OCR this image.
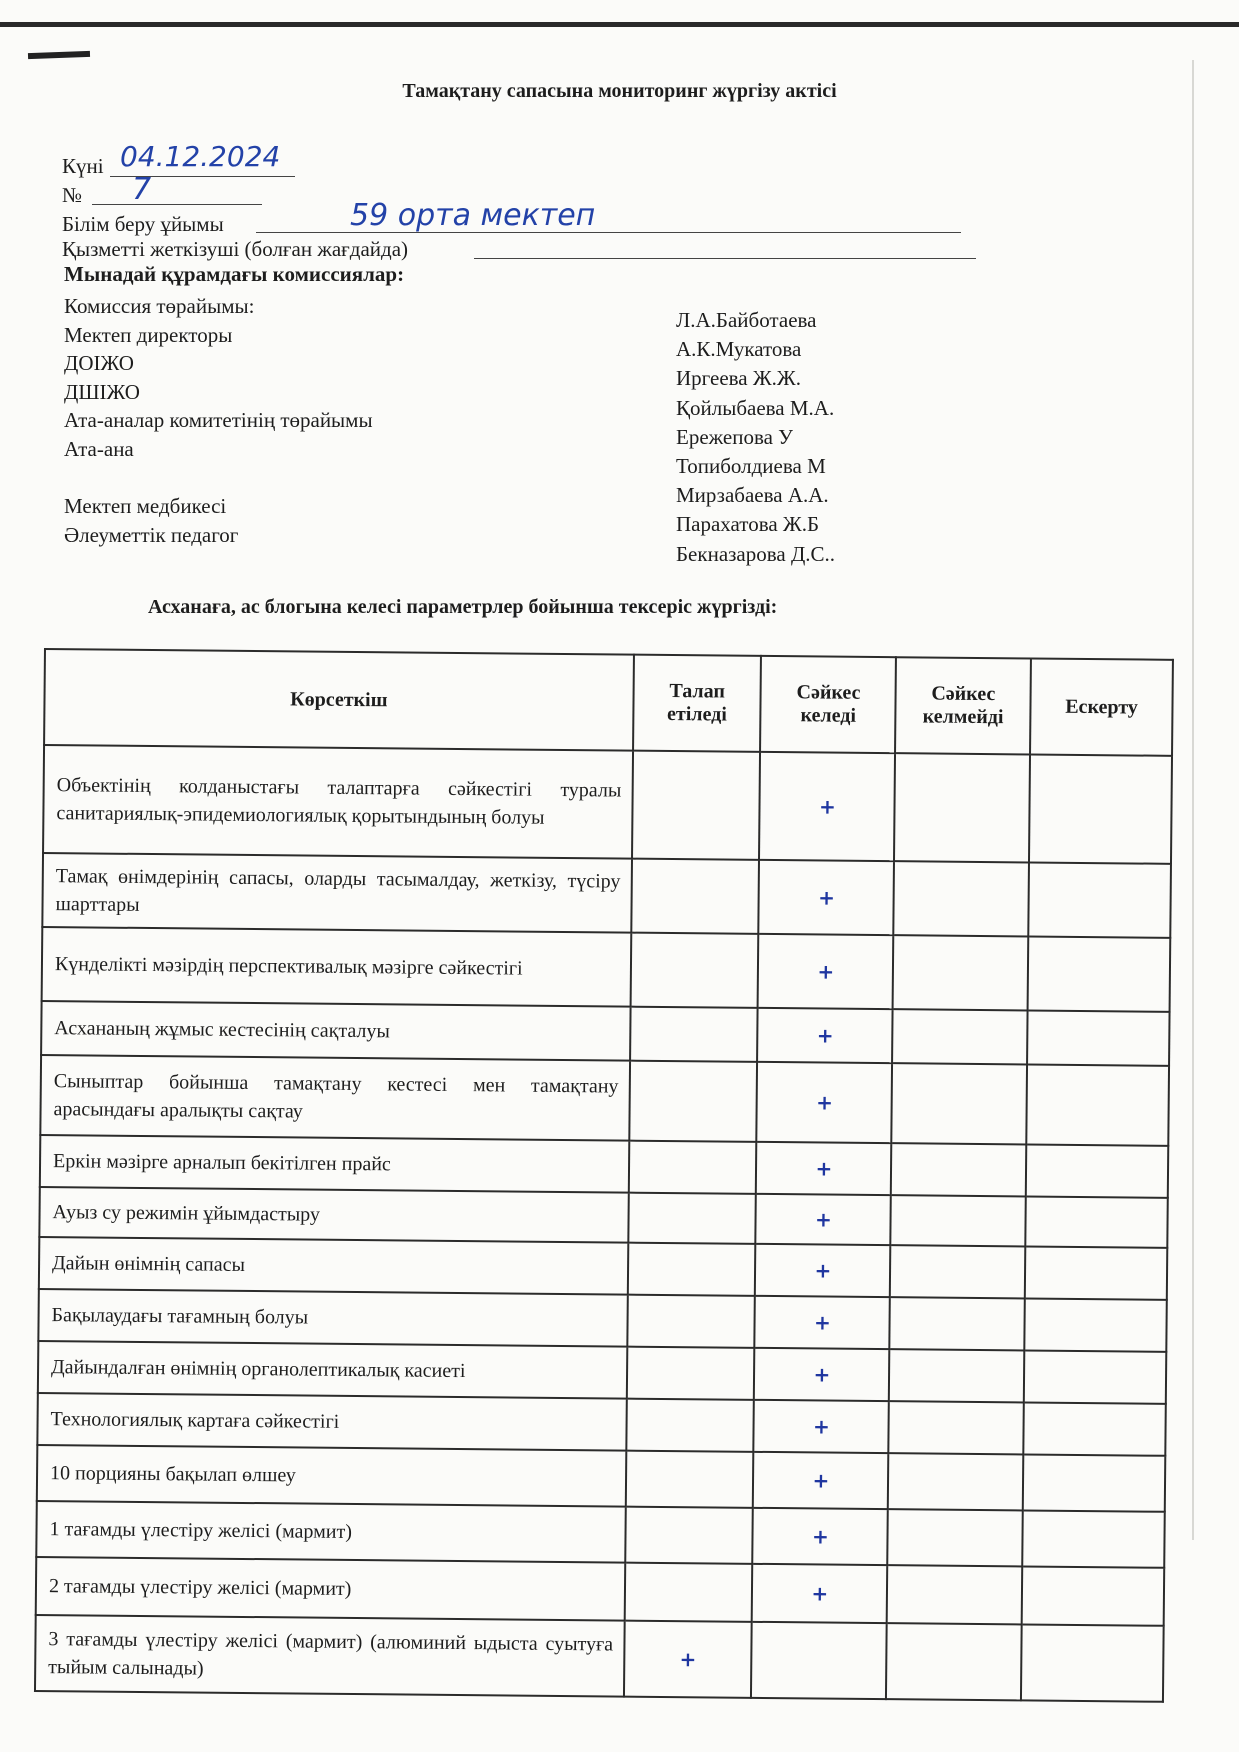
Тамақтану сапасына мониторинг жүргізу актісі
Күні 04.12.2024
№ 7
Білім беру ұйымы	59 орта мектеп
Қызметті жеткізуші (болған жағдайда)
Мынадай құрамдағы комиссиялар:
Комиссия төрайымы:
Мектеп директоры
ДОІЖО
ДШІЖО
Ата-аналар комитетінің төрайымы
Ата-ана
Мектеп медбикесі
Әлеуметтік педагог
Л.А.Байботаева
А.К.Мукатова
Иргеева Ж.Ж.
Қойлыбаева М.А.
Ережепова У
Топиболдиева М
Мирзабаева А.А.
Парахатова Ж.Б
Бекназарова Д.С..
Асханаға, ас блогына келесі параметрлер бойынша тексеріс жүргізді:
Көрсеткіш	Талап етіледі	Сәйкес келеді	Сәйкес келмейді	Ескерту
Объектінің колданыстағы талаптарға сәйкестігі туралы санитариялық-эпидемиологиялық қорытындының болуы		+		
Тамақ өнімдерінің сапасы, оларды тасымалдау, жеткізу, түсіру шарттары		+		
Күнделікті мәзірдің перспективалық мәзірге сәйкестігі		+		
Асхананың жұмыс кестесінің сақталуы		+		
Сыныптар бойынша тамақтану кестесі мен тамақтану арасындағы аралықты сақтау		+		
Еркін мәзірге арналып бекітілген прайс		+		
Ауыз су режимін ұйымдастыру		+		
Дайын өнімнің сапасы		+		
Бақылаудағы тағамның болуы		+		
Дайындалған өнімнің органолептикалық касиеті		+		
Технологиялық картаға сәйкестігі		+		
10 порцияны бақылап өлшеу		+		
1 тағамды үлестіру желісі (мармит)		+		
2 тағамды үлестіру желісі (мармит)		+		
3 тағамды үлестіру желісі (мармит) (алюминий ыдыста суытуға тыйым салынады)	+			
